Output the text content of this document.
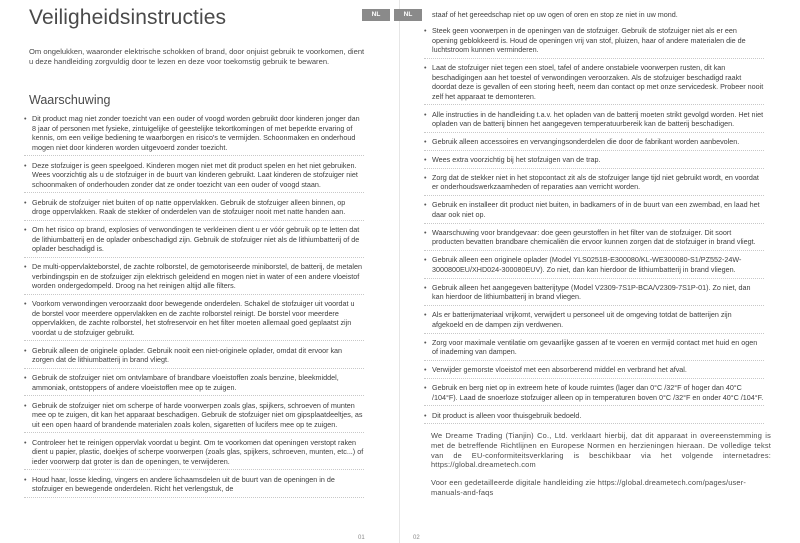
Veiligheidsinstructies

Om ongelukken, waaronder elektrische schokken of brand, door onjuist gebruik te voorkomen, dient u deze handleiding zorgvuldig door te lezen en deze voor toekomstig gebruik te bewaren.

Waarschuwing
• Dit product mag niet zonder toezicht van een ouder of voogd worden gebruikt door kinderen jonger dan 8 jaar of personen met fysieke, zintuigelijke of geestelijke tekortkomingen of met beperkte ervaring of kennis, om een veilige bediening te waarborgen en risico's te vermijden. Schoonmaken en onderhoud mogen niet door kinderen worden uitgevoerd zonder toezicht.
• Deze stofzuiger is geen speelgoed. Kinderen mogen niet met dit product spelen en het niet gebruiken. Wees voorzichtig als u de stofzuiger in de buurt van kinderen gebruikt. Laat kinderen de stofzuiger niet schoonmaken of onderhouden zonder dat ze onder toezicht van een ouder of voogd staan.
• Gebruik de stofzuiger niet buiten of op natte oppervlakken. Gebruik de stofzuiger alleen binnen, op droge oppervlakken. Raak de stekker of onderdelen van de stofzuiger nooit met natte handen aan.
• Om het risico op brand, explosies of verwondingen te verkleinen dient u er vóór gebruik op te letten dat de lithiumbatterij en de oplader onbeschadigd zijn. Gebruik de stofzuiger niet als de lithiumbatterij of de oplader beschadigd is.
• De multi-oppervlakteborstel, de zachte rolborstel, de gemotoriseerde miniborstel, de batterij, de metalen verbindingspin en de stofzuiger zijn elektrisch geleidend en mogen niet in water of een andere vloeistof worden ondergedompeld. Droog na het reinigen altijd alle filters.
• Voorkom verwondingen veroorzaakt door bewegende onderdelen. Schakel de stofzuiger uit voordat u de borstel voor meerdere oppervlakken en de zachte rolborstel reinigt. De borstel voor meerdere oppervlakken, de zachte rolborstel, het stofreservoir en het filter moeten allemaal goed geplaatst zijn voordat u de stofzuiger gebruikt.
• Gebruik alleen de originele oplader. Gebruik nooit een niet-originele oplader, omdat dit ervoor kan zorgen dat de lithiumbatterij in brand vliegt.
• Gebruik de stofzuiger niet om ontvlambare of brandbare vloeistoffen zoals benzine, bleekmiddel, ammoniak, ontstoppers of andere vloeistoffen mee op te zuigen.
• Gebruik de stofzuiger niet om scherpe of harde voorwerpen zoals glas, spijkers, schroeven of munten mee op te zuigen, dit kan het apparaat beschadigen. Gebruik de stofzuiger niet om gipsplaatdeeltjes, as uit een open haard of brandende materialen zoals kolen, sigaretten of lucifers mee op te zuigen.
• Controleer het te reinigen oppervlak voordat u begint. Om te voorkomen dat openingen verstopt raken dient u papier, plastic, doekjes of scherpe voorwerpen (zoals glas, spijkers, schroeven, munten, etc...) of ieder voorwerp dat groter is dan de openingen, te verwijderen.
• Houd haar, losse kleding, vingers en andere lichaamsdelen uit de buurt van de openingen in de stofzuiger en bewegende onderdelen. Richt het verlengstuk, de
NL
01

staaf of het gereedschap niet op uw ogen of oren en stop ze niet in uw mond.

• Steek geen voorwerpen in de openingen van de stofzuiger. Gebruik de stofzuiger niet als er een opening geblokkeerd is. Houd de openingen vrij van stof, pluizen, haar of andere materialen die de luchtstroom kunnen verminderen.
• Laat de stofzuiger niet tegen een stoel, tafel of andere onstabiele voorwerpen rusten, dit kan beschadigingen aan het toestel of verwondingen veroorzaken. Als de stofzuiger beschadigd raakt doordat deze is gevallen of een storing heeft, neem dan contact op met onze servicedesk. Probeer nooit zelf het apparaat te demonteren.
• Alle instructies in de handleiding t.a.v. het opladen van de batterij moeten strikt gevolgd worden. Het niet opladen van de batterij binnen het aangegeven temperatuurbereik kan de batterij beschadigen.
• Gebruik alleen accessoires en vervangingsonderdelen die door de fabrikant worden aanbevolen.
• Wees extra voorzichtig bij het stofzuigen van de trap.
• Zorg dat de stekker niet in het stopcontact zit als de stofzuiger lange tijd niet gebruikt wordt, en voordat er onderhoudswerkzaamheden of reparaties aan verricht worden.
• Gebruik en installeer dit product niet buiten, in badkamers of in de buurt van een zwembad, en laad het daar ook niet op.
• Waarschuwing voor brandgevaar: doe geen geurstoffen in het filter van de stofzuiger. Dit soort producten bevatten brandbare chemicaliën die ervoor kunnen zorgen dat de stofzuiger in brand vliegt.
• Gebruik alleen een originele oplader (Model YLS0251B-E300080/KL-WE300080-S1/PZ552-24W-3000800EU/XHD024-300080EUV). Zo niet, dan kan hierdoor de lithiumbatterij in brand vliegen.
• Gebruik alleen het aangegeven batterijtype (Model V2309-7S1P-BCA/V2309-7S1P-01). Zo niet, dan kan hierdoor de lithiumbatterij in brand vliegen.
• Als er batterijmateriaal vrijkomt, verwijdert u personeel uit de omgeving totdat de batterijen zijn afgekoeld en de dampen zijn verdwenen.
• Zorg voor maximale ventilatie om gevaarlijke gassen af te voeren en vermijd contact met huid en ogen of inademing van dampen.
• Verwijder gemorste vloeistof met een absorberend middel en verbrand het afval.
• Gebruik en berg niet op in extreem hete of koude ruimtes (lager dan 0°C /32°F of hoger dan 40°C /104°F). Laad de snoerloze stofzuiger alleen op in temperaturen boven 0°C /32°F en onder 40°C /104°F.
• Dit product is alleen voor thuisgebruik bedoeld.

We Dreame Trading (Tianjin) Co., Ltd. verklaart hierbij, dat dit apparaat in overeenstemming is met de betreffende Richtlijnen en Europese Normen en herzieningen hieraan. De volledige tekst van de EU-conformiteitsverklaring is beschikbaar via het volgende internetadres: https://global.dreametech.com

Voor een gedetailleerde digitale handleiding zie https://global.dreametech.com/pages/user-manuals-and-faqs

02
NL
